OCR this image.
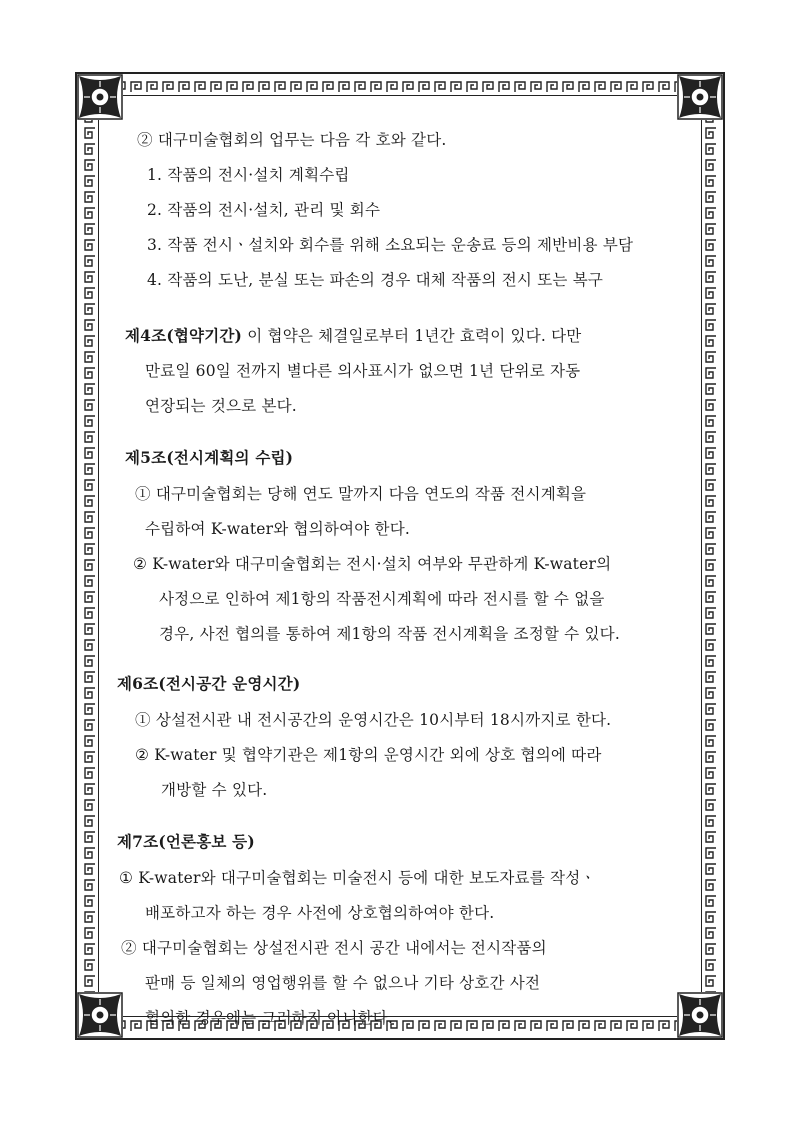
② 대구미술협회의 업무는 다음 각 호와 같다.
1. 작품의 전시·설치 계획수립
2. 작품의 전시·설치, 관리 및 회수
3. 작품 전시ㆍ설치와 회수를 위해 소요되는 운송료 등의 제반비용 부담
4. 작품의 도난, 분실 또는 파손의 경우 대체 작품의 전시 또는 복구
제4조(협약기간) 이 협약은 체결일로부터 1년간 효력이 있다. 다만
만료일 60일 전까지 별다른 의사표시가 없으면 1년 단위로 자동
연장되는 것으로 본다.
제5조(전시계획의 수립)
① 대구미술협회는 당해 연도 말까지 다음 연도의 작품 전시계획을
수립하여 K-water와 협의하여야 한다.
② K-water와 대구미술협회는 전시·설치 여부와 무관하게 K-water의
사정으로 인하여 제1항의 작품전시계획에 따라 전시를 할 수 없을
경우, 사전 협의를 통하여 제1항의 작품 전시계획을 조정할 수 있다.
제6조(전시공간 운영시간)
① 상설전시관 내 전시공간의 운영시간은 10시부터 18시까지로 한다.
② K-water 및 협약기관은 제1항의 운영시간 외에 상호 협의에 따라
개방할 수 있다.
제7조(언론홍보 등)
① K-water와 대구미술협회는 미술전시 등에 대한 보도자료를 작성ㆍ
배포하고자 하는 경우 사전에 상호협의하여야 한다.
② 대구미술협회는 상설전시관 전시 공간 내에서는 전시작품의
판매 등 일체의 영업행위를 할 수 없으나 기타 상호간 사전
협의한 경우에는 그러하지 아니한다.
